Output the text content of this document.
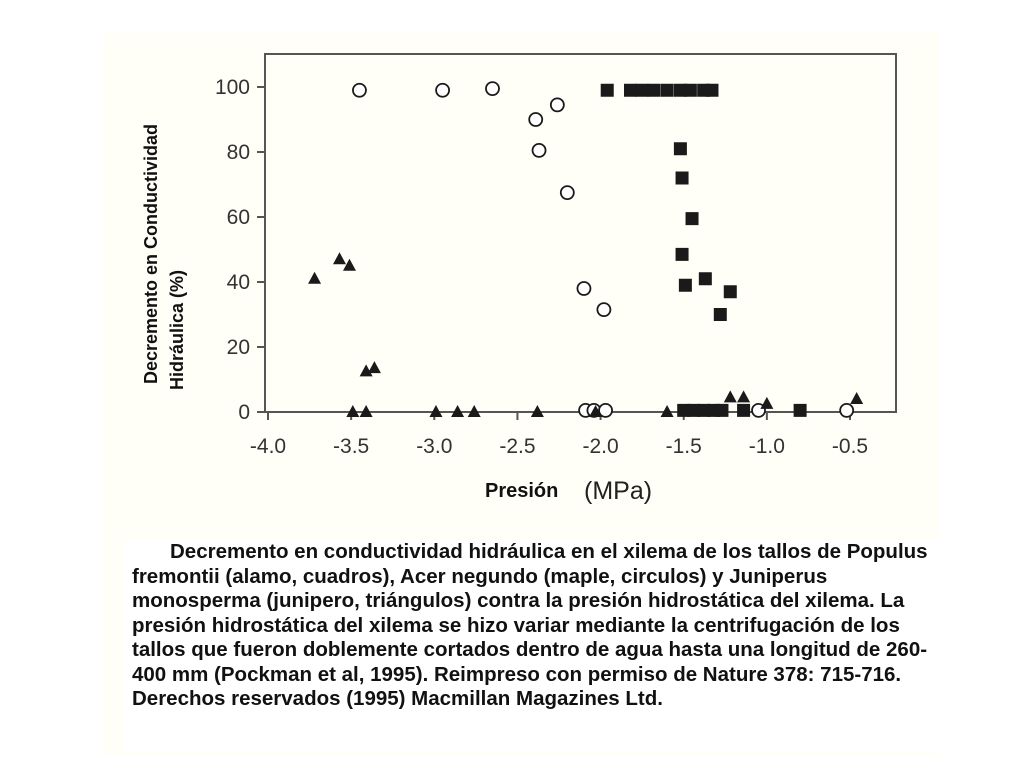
-4.0 -3.5 -3.0 -2.5 -2.0 -1.5 -1.0 -0.5
0
20
40
60
80
100
Decremento en Conductividad Hidráulica (%)
Presión (MPa)

Decremento en conductividad hidráulica en el xilema de los tallos de Populus fremontii (alamo, cuadros), Acer negundo (maple, circulos) y Juniperus monosperma (junipero, triángulos) contra la presión hidrostática del xilema. La presión hidrostática del xilema se hizo variar mediante la centrifugación de los tallos que fueron doblemente cortados dentro de agua hasta una longitud de 260-400 mm (Pockman et al, 1995). Reimpreso con permiso de Nature 378: 715-716. Derechos reservados (1995) Macmillan Magazines Ltd.
